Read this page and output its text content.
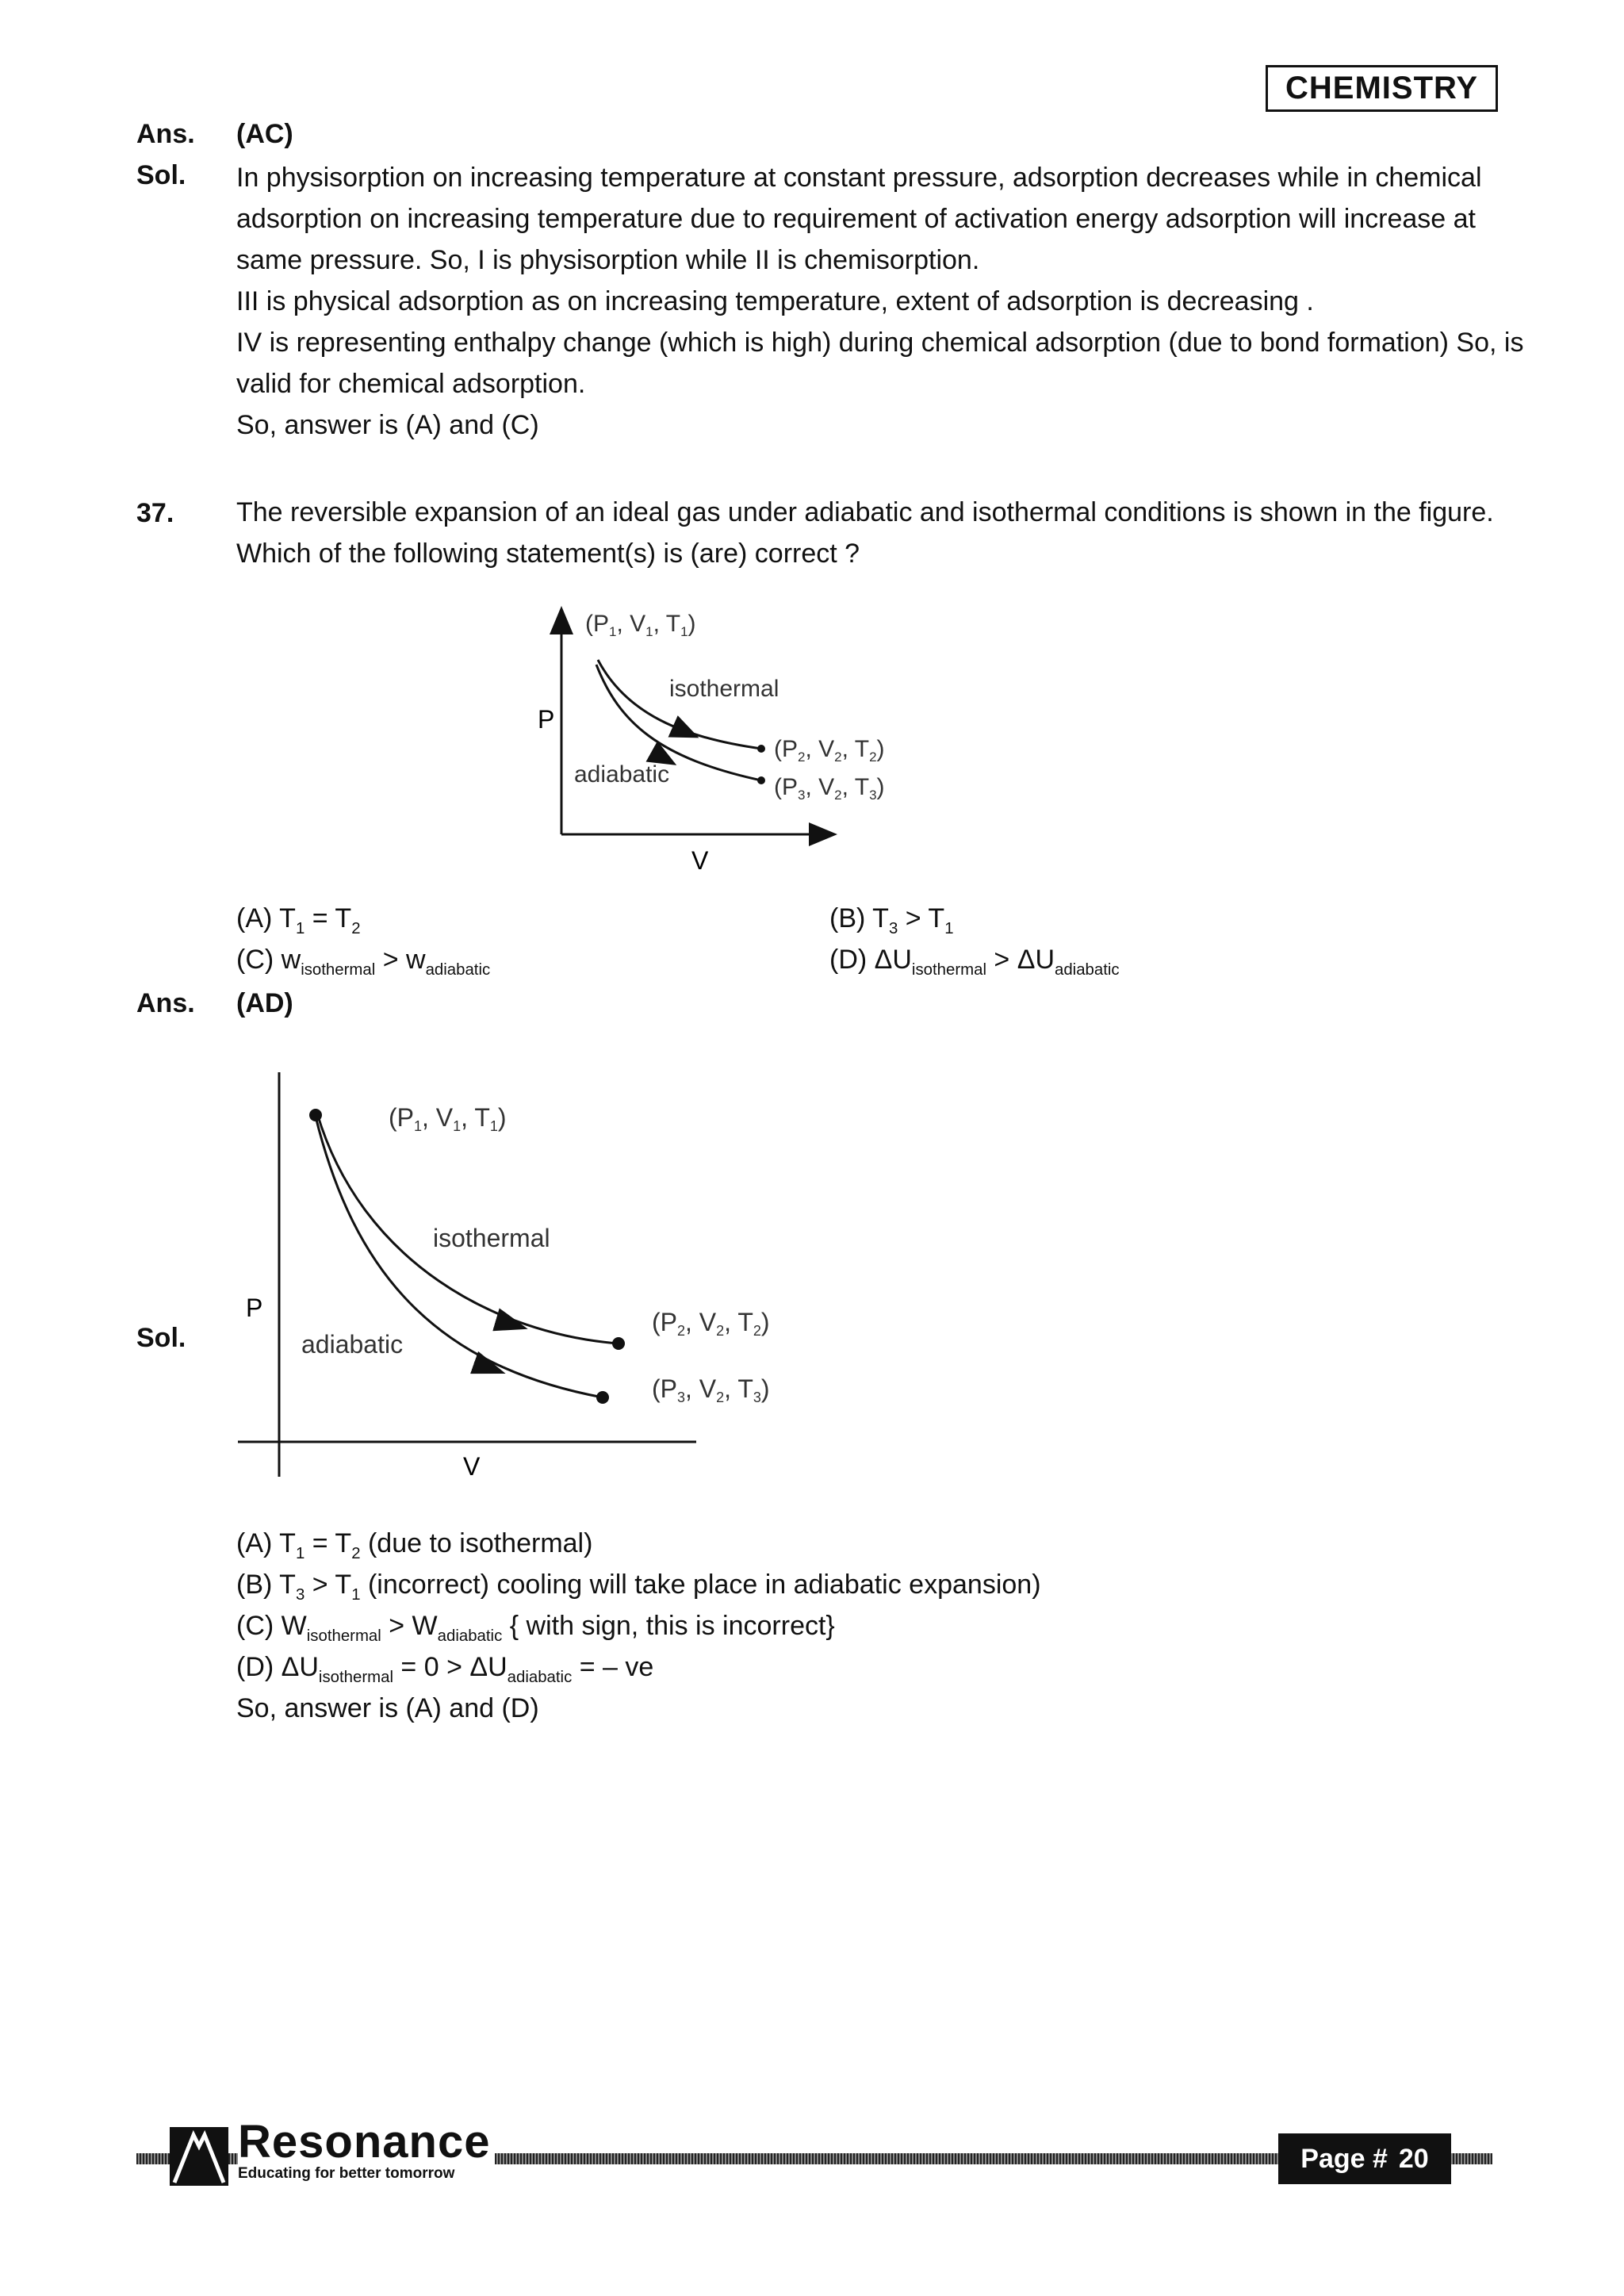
CHEMISTRY
Ans. (AC)
Sol. In physisorption on increasing temperature at constant pressure, adsorption decreases while in chemical
adsorption on increasing temperature due to requirement of activation energy adsorption will increase at
same pressure. So, I is physisorption while II is chemisorption.
III is physical adsorption as on increasing temperature, extent of adsorption is decreasing .
IV is representing enthalpy change (which is high) during chemical adsorption (due to bond formation) So, is
valid for chemical adsorption.
So, answer is (A) and (C)
37. The reversible expansion of an ideal gas under adiabatic and isothermal conditions is shown in the figure.
Which of the following statement(s) is (are) correct ?
P
V
($P_1$, $V_1$, $T_1$)
isothermal
adiabatic
($P_2$, $V_2$, $T_2$)
($P_3$, $V_2$, $T_3$)
(A) $T_1 = T_2$	(B) $T_3 > T_1$
(C) $w_{isothermal} > w_{adiabatic}$	(D) $\Delta U_{isothermal} > \Delta U_{adiabatic}$
Ans. (AD)
Sol.
P
V
(P1, V1, T1)
isothermal
adiabatic
(P2, V2, T2)
(P3, V2, T3)
(A) $T_1 = T_2$ (due to isothermal)
(B) $T_3 > T_1$ (incorrect) cooling will take place in adiabatic expansion)
(C) $W_{isothermal} > W_{adiabatic}$ { with sign, this is incorrect}
(D) $\Delta U_{isothermal} = 0 > \Delta U_{adiabatic}$ = – ve
So, answer is (A) and (D)
Resonance
Educating for better tomorrow	Page # 20
